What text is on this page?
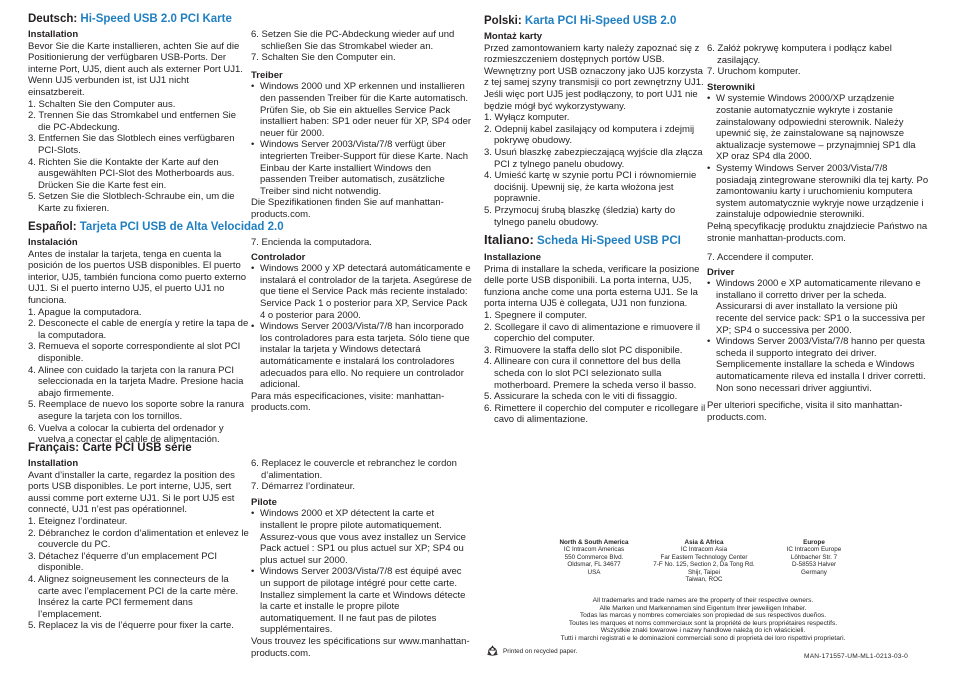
Deutsch: Hi-Speed USB 2.0 PCI Karte
Installation
Bevor Sie die Karte installieren, achten Sie auf die Positionierung der verfügbaren USB-Ports. Der interne Port, UJ5, dient auch als externer Port UJ1. Wenn UJ5 verbunden ist, ist UJ1 nicht einsatzbereit.
1. Schalten Sie den Computer aus.
2. Trennen Sie das Stromkabel und entfernen Sie die PC-Abdeckung.
3. Entfernen Sie das Slotblech eines verfügbaren PCI-Slots.
4. Richten Sie die Kontakte der Karte auf den ausgewählten PCI-Slot des Motherboards aus. Drücken Sie die Karte fest ein.
5. Setzen Sie die Slotblech-Schraube ein, um die Karte zu fixieren.
6. Setzen Sie die PC-Abdeckung wieder auf und schließen Sie das Stromkabel wieder an.
7. Schalten Sie den Computer ein.
Treiber
• Windows 2000 und XP erkennen und installieren den passenden Treiber für die Karte automatisch. Prüfen Sie, ob Sie ein aktuelles Service Pack installiert haben: SP1 oder neuer für XP, SP4 oder neuer für 2000.
• Windows Server 2003/Vista/7/8 verfügt über integrierten Treiber-Support für diese Karte. Nach Einbau der Karte installiert Windows den passenden Treiber automatisch, zusätzliche Treiber sind nicht notwendig.
Die Spezifikationen finden Sie auf manhattan-products.com.
Español: Tarjeta PCI USB de Alta Velocidad 2.0
Instalación
Antes de instalar la tarjeta, tenga en cuenta la posición de los puertos USB disponibles. El puerto interior, UJ5, también funciona como puerto externo UJ1. Si el puerto interno UJ5, el puerto UJ1 no funciona.
1. Apague la computadora.
2. Desconecte el cable de energía y retire la tapa de la computadora.
3. Remueva el soporte correspondiente al slot PCI disponible.
4. Alinee con cuidado la tarjeta con la ranura PCI seleccionada en la tarjeta Madre. Presione hacia abajo firmemente.
5. Reemplace de nuevo los soporte sobre la ranura asegure la tarjeta con los tornillos.
6. Vuelva a colocar la cubierta del ordenador y vuelva a conectar el cable de alimentación.
7. Encienda la computadora.
Controlador
• Windows 2000 y XP detectará automáticamente e instalará el controlador de la tarjeta. Asegúrese de que tiene el Service Pack más reciente instalado: Service Pack 1 o posterior para XP, Service Pack 4 o posterior para 2000.
• Windows Server 2003/Vista/7/8 han incorporado los controladores para esta tarjeta. Sólo tiene que instalar la tarjeta y Windows detectará automáticamente e instalará los controladores adecuados para ello. No requiere un controlador adicional.
Para más especificaciones, visite: manhattan-products.com.
Français: Carte PCI USB série
Installation
Avant d’installer la carte, regardez la position des ports USB disponibles. Le port interne, UJ5, sert aussi comme port externe UJ1. Si le port UJ5 est connecté, UJ1 n’est pas opérationnel.
1. Eteignez l’ordinateur.
2. Débranchez le cordon d’alimentation et enlevez le couvercle du PC.
3. Détachez l’équerre d’un emplacement PCI disponible.
4. Alignez soigneusement les connecteurs de la carte avec l’emplacement PCI de la carte mère. Insérez la carte PCI fermement dans l’emplacement.
5. Replacez la vis de l’équerre pour fixer la carte.
6. Replacez le couvercle et rebranchez le cordon d’alimentation.
7. Démarrez l’ordinateur.
Pilote
• Windows 2000 et XP détectent la carte et installent le propre pilote automatiquement. Assurez-vous que vous avez installez un Service Pack actuel : SP1 ou plus actuel sur XP; SP4 ou plus actuel sur 2000.
• Windows Server 2003/Vista/7/8 est équipé avec un support de pilotage intégré pour cette carte. Installez simplement la carte et Windows détecte la carte et installe le propre pilote automatiquement. Il ne faut pas de pilotes supplémentaires.
Vous trouvez les spécifications sur www.manhattan-products.com.
Polski: Karta PCI Hi-Speed USB 2.0
Montaż karty
Przed zamontowaniem karty należy zapoznać się z rozmieszczeniem dostępnych portów USB. Wewnętrzny port USB oznaczony jako UJ5 korzysta z tej samej szyny transmisji co port zewnętrzny UJ1. Jeśli więc port UJ5 jest podłączony, to port UJ1 nie będzie mógł być wykorzystywany.
1. Wyłącz komputer.
2. Odepnij kabel zasilający od komputera i zdejmij pokrywę obudowy.
3. Usuń blaszkę zabezpieczającą wyjście dla złącza PCI z tylnego panelu obudowy.
4. Umieść kartę w szynie portu PCI i równomiernie dociśnij. Upewnij się, że karta włożona jest poprawnie.
5. Przymocuj śrubą blaszkę (śledzia) karty do tylnego panelu obudowy.
6. Załóż pokrywę komputera i podłącz kabel zasilający.
7. Uruchom komputer.
Sterowniki
• W systemie Windows 2000/XP urządzenie zostanie automatycznie wykryte i zostanie zainstalowany odpowiedni sterownik. Należy upewnić się, że zainstalowane są najnowsze aktualizacje systemowe – przynajmniej SP1 dla XP oraz SP4 dla 2000.
• Systemy Windows Server 2003/Vista/7/8 posiadają zintegrowane sterowniki dla tej karty. Po zamontowaniu karty i uruchomieniu komputera system automatycznie wykryje nowe urządzenie i zainstaluje odpowiednie sterowniki.
Pełną specyfikację produktu znajdziecie Państwo na stronie manhattan-products.com.
Italiano: Scheda Hi-Speed USB PCI
Installazione
Prima di installare la scheda, verificare la posizione delle porte USB disponibili. La porta interna, UJ5, funziona anche come una porta esterna UJ1. Se la porta interna UJ5 è collegata, UJ1 non funziona.
1. Spegnere il computer.
2. Scollegare il cavo di alimentazione e rimuovere il coperchio del computer.
3. Rimuovere la staffa dello slot PC disponibile.
4. Allineare con cura il connettore del bus della scheda con lo slot PCI selezionato sulla motherboard. Premere la scheda verso il basso.
5. Assicurare la scheda con le viti di fissaggio.
6. Rimettere il coperchio del computer e ricollegare il cavo di alimentazione.
7. Accendere il computer.
Driver
• Windows 2000 e XP automaticamente rilevano e installano il corretto driver per la scheda. Assicurarsi di aver installato la versione più recente del service pack: SP1 o la successiva per XP; SP4 o successiva per 2000.
• Windows Server 2003/Vista/7/8 hanno per questa scheda il supporto integrato dei driver. Semplicemente installare la scheda e Windows automaticamente rileva ed installa I driver corretti. Non sono necessari driver aggiuntivi.
Per ulteriori specifiche, visita il sito manhattan-products.com.
North & South America
IC Intracom Americas
550 Commerce Blvd.
Oldsmar, FL 34677
USA
Asia & Africa
IC Intracom Asia
Far Eastern Technology Center
7-F No. 125, Section 2, Da Tong Rd.
Shijr, Taipei
Taiwan, ROC
Europe
IC Intracom Europe
Löhbacher Str. 7
D-58553 Halver
Germany
All trademarks and trade names are the property of their respective owners.
Alle Marken und Markennamen sind Eigentum Ihrer jeweiligen Inhaber.
Todas las marcas y nombres comerciales son propiedad de sus respectivos dueños.
Toutes les marques et noms commerciaux sont la propriété de leurs propriétaires respectifs.
Wszystkie znaki towarowe i nazwy handlowe należą do ich właścicieli.
Tutti i marchi registrati e le dominazioni commerciali sono di proprietà dei loro rispettivi proprietari.
Printed on recycled paper.
MAN-171557-UM-ML1-0213-03-0
